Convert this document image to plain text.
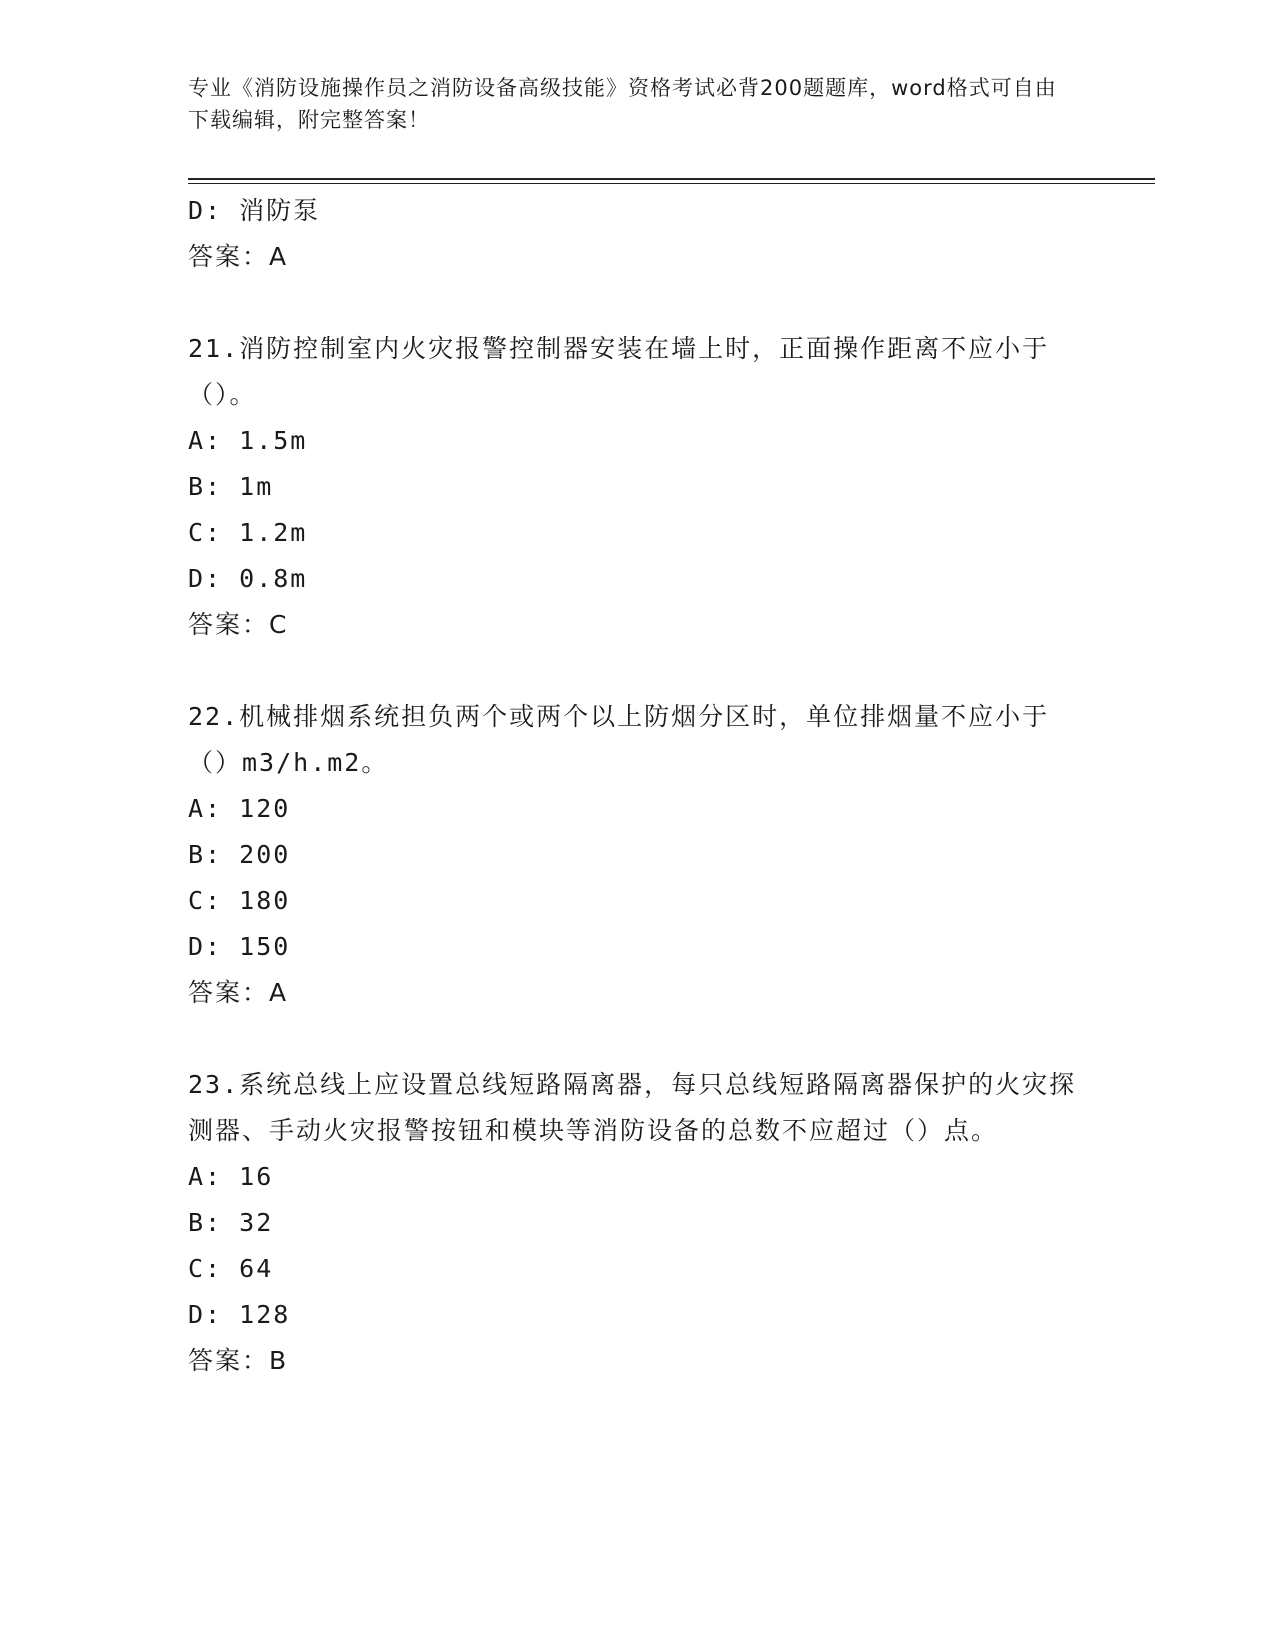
专业《消防设施操作员之消防设备高级技能》资格考试必背200题题库，word格式可自由下载编辑，附完整答案！
D: 消防泵
答案：A
21.消防控制室内火灾报警控制器安装在墙上时，正面操作距离不应小于（）。
A: 1.5m
B: 1m
C: 1.2m
D: 0.8m
答案：C
22.机械排烟系统担负两个或两个以上防烟分区时，单位排烟量不应小于（）m3/h.m2。
A: 120
B: 200
C: 180
D: 150
答案：A
23.系统总线上应设置总线短路隔离器，每只总线短路隔离器保护的火灾探测器、手动火灾报警按钮和模块等消防设备的总数不应超过（）点。
A: 16
B: 32
C: 64
D: 128
答案：B
